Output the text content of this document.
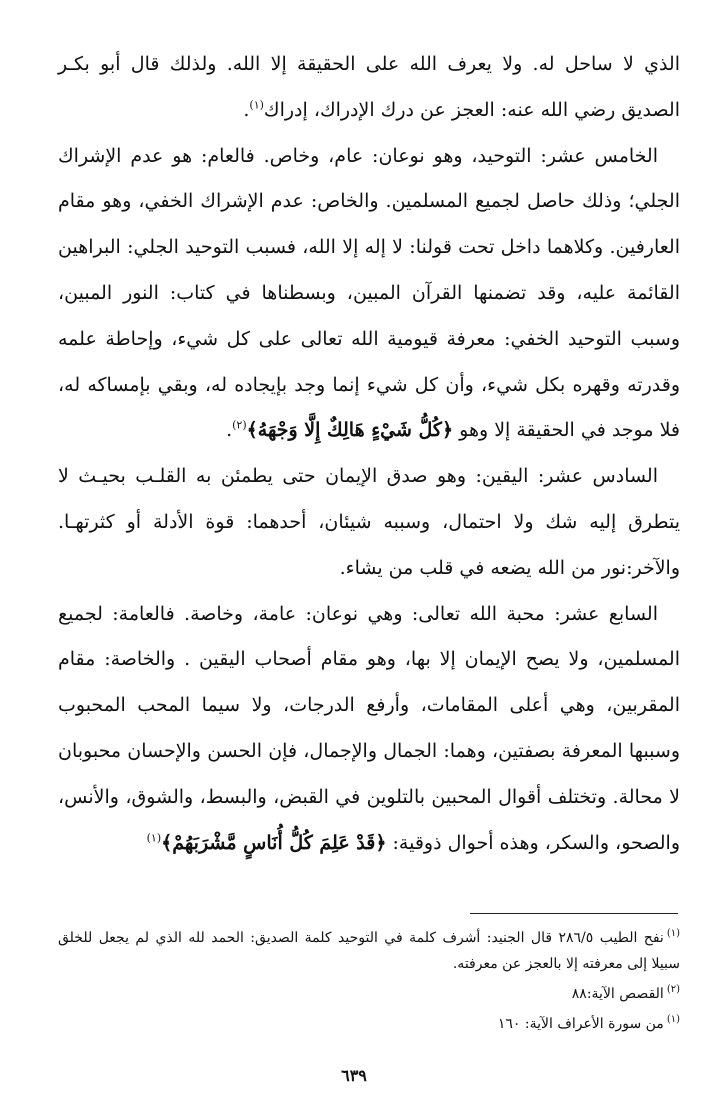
الذي لا ساحل له. ولا يعرف الله على الحقيقة إلا الله. ولذلك قال أبو بكـر الصديق رضي الله عنه: العجز عن درك الإدراك، إدراك$^{(١)}$.

الخامس عشر: التوحيد، وهو نوعان: عام، وخاص. فالعام: هو عدم الإشراك الجلي؛ وذلك حاصل لجميع المسلمين. والخاص: عدم الإشراك الخفي، وهو مقام العارفين. وكلاهما داخل تحت قولنا: لا إله إلا الله، فسبب التوحيد الجلي: البراهين القائمة عليه، وقد تضمنها القرآن المبين، وبسطناها في كتاب: النور المبين، وسبب التوحيد الخفي: معرفة قيومية الله تعالى على كل شيء، وإحاطة علمه وقدرته وقهره بكل شيء، وأن كل شيء إنما وجد بإيجاده له، وبقي بإمساكه له، فلا موجد في الحقيقة إلا وهو ﴿كُلُّ شَيْءٍ هَالِكٌ إِلَّا وَجْهَهُ﴾$^{(٢)}$.

السادس عشر: اليقين: وهو صدق الإيمان حتى يطمئن به القلـب بحيـث لا يتطرق إليه شك ولا احتمال، وسببه شيئان، أحدهما: قوة الأدلة أو كثرتهـا. والآخر:نور من الله يضعه في قلب من يشاء.

السابع عشر: محبة الله تعالى: وهي نوعان: عامة، وخاصة. فالعامة: لجميع المسلمين، ولا يصح الإيمان إلا بها، وهو مقام أصحاب اليقين . والخاصة: مقام المقربين، وهي أعلى المقامات، وأرفع الدرجات، ولا سيما المحب المحبوب وسببها المعرفة بصفتين، وهما: الجمال والإجمال، فإن الحسن والإحسان محبوبان لا محالة. وتختلف أقوال المحبين بالتلوين في القبض، والبسط، والشوق، والأنس، والصحو، والسكر، وهذه أحوال ذوقية: ﴿قَدْ عَلِمَ كُلُّ أُنَاسٍ مَّشْرَبَهُمْ﴾$^{(١)}$

$^{(١)}$نفح الطيب ٢٨٦/٥ قال الجنيد: أشرف كلمة في التوحيد كلمة الصديق: الحمد لله الذي لم يجعل للخلق سبيلا إلى معرفته إلا بالعجز عن معرفته.

$^{(٢)}$القصص الآية:٨٨

$^{(١)}$من سورة الأعراف الآية: ١٦٠

٦٣٩
